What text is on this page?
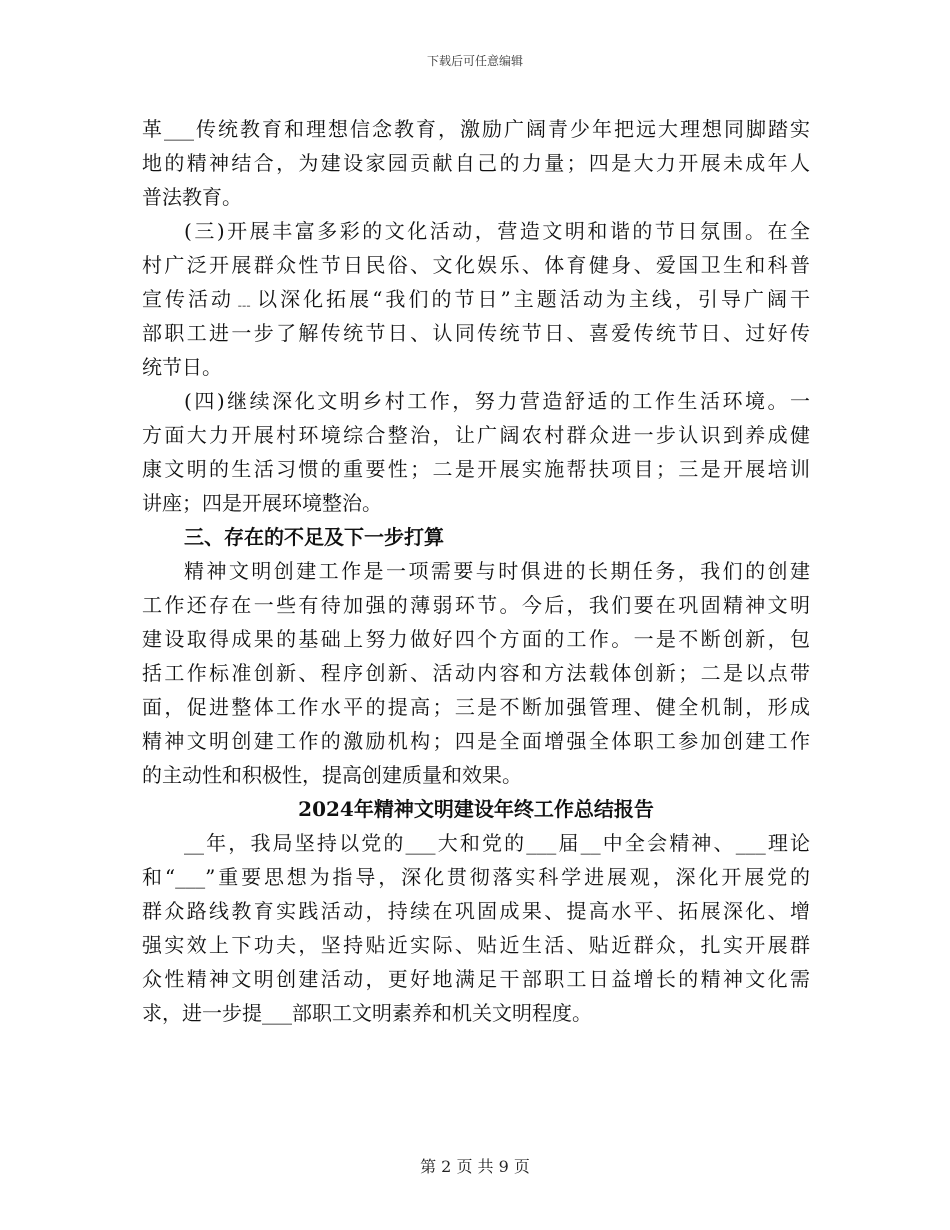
下载后可任意编辑
革___传统教育和理想信念教育，激励广阔青少年把远大理想同脚踏实
地的精神结合，为建设家园贡献自己的力量；四是大力开展未成年人
普法教育。
(三)开展丰富多彩的文化活动，营造文明和谐的节日氛围。在全
村广泛开展群众性节日民俗、文化娱乐、体育健身、爱国卫生和科普
宣传活动﹍以深化拓展“我们的节日”主题活动为主线，引导广阔干
部职工进一步了解传统节日、认同传统节日、喜爱传统节日、过好传
统节日。
(四)继续深化文明乡村工作，努力营造舒适的工作生活环境。一
方面大力开展村环境综合整治，让广阔农村群众进一步认识到养成健
康文明的生活习惯的重要性；二是开展实施帮扶项目；三是开展培训
讲座；四是开展环境整治。
三、存在的不足及下一步打算
精神文明创建工作是一项需要与时俱进的长期任务，我们的创建
工作还存在一些有待加强的薄弱环节。今后，我们要在巩固精神文明
建设取得成果的基础上努力做好四个方面的工作。一是不断创新，包
括工作标准创新、程序创新、活动内容和方法载体创新；二是以点带
面，促进整体工作水平的提高；三是不断加强管理、健全机制，形成
精神文明创建工作的激励机构；四是全面增强全体职工参加创建工作
的主动性和积极性，提高创建质量和效果。
2024年精神文明建设年终工作总结报告
__年，我局坚持以党的___大和党的___届__中全会精神、___理论
和“___”重要思想为指导，深化贯彻落实科学进展观，深化开展党的
群众路线教育实践活动，持续在巩固成果、提高水平、拓展深化、增
强实效上下功夫，坚持贴近实际、贴近生活、贴近群众，扎实开展群
众性精神文明创建活动，更好地满足干部职工日益增长的精神文化需
求，进一步提___部职工文明素养和机关文明程度。
第 2 页 共 9 页
